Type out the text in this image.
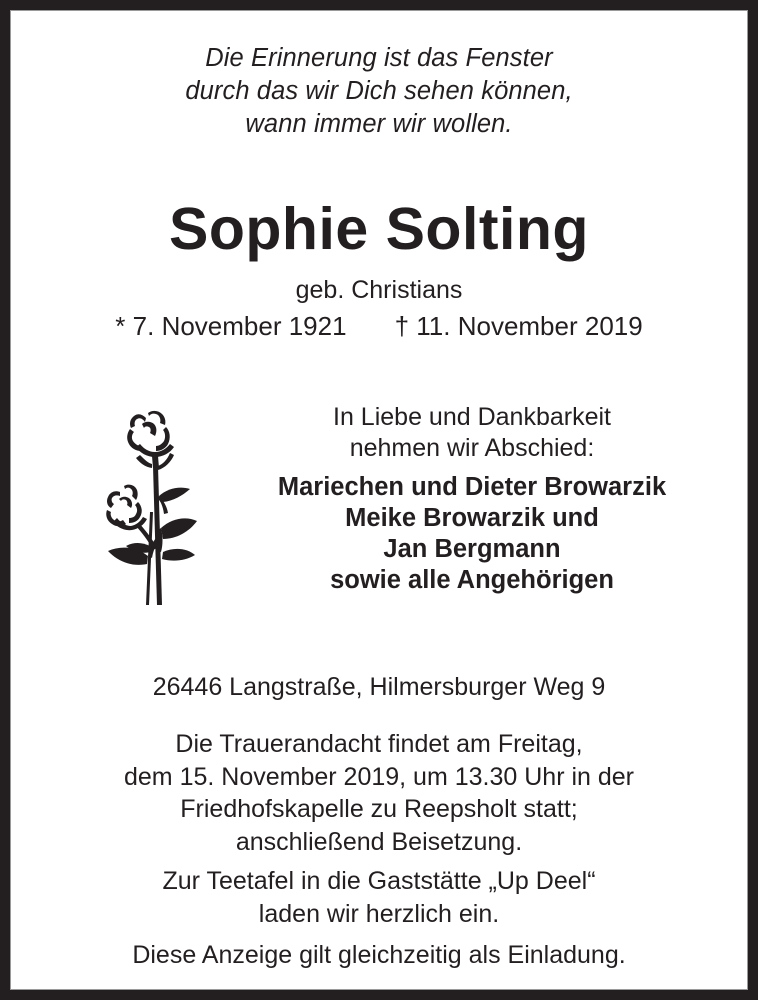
Die Erinnerung ist das Fenster
durch das wir Dich sehen können,
wann immer wir wollen.
Sophie Solting
geb. Christians
* 7. November 1921 † 11. November 2019
In Liebe und Dankbarkeit
nehmen wir Abschied:
Mariechen und Dieter Browarzik
Meike Browarzik und
Jan Bergmann
sowie alle Angehörigen
26446 Langstraße, Hilmersburger Weg 9
Die Trauerandacht findet am Freitag,
dem 15. November 2019, um 13.30 Uhr in der
Friedhofskapelle zu Reepsholt statt;
anschließend Beisetzung.
Zur Teetafel in die Gaststätte „Up Deel“
laden wir herzlich ein.
Diese Anzeige gilt gleichzeitig als Einladung.
